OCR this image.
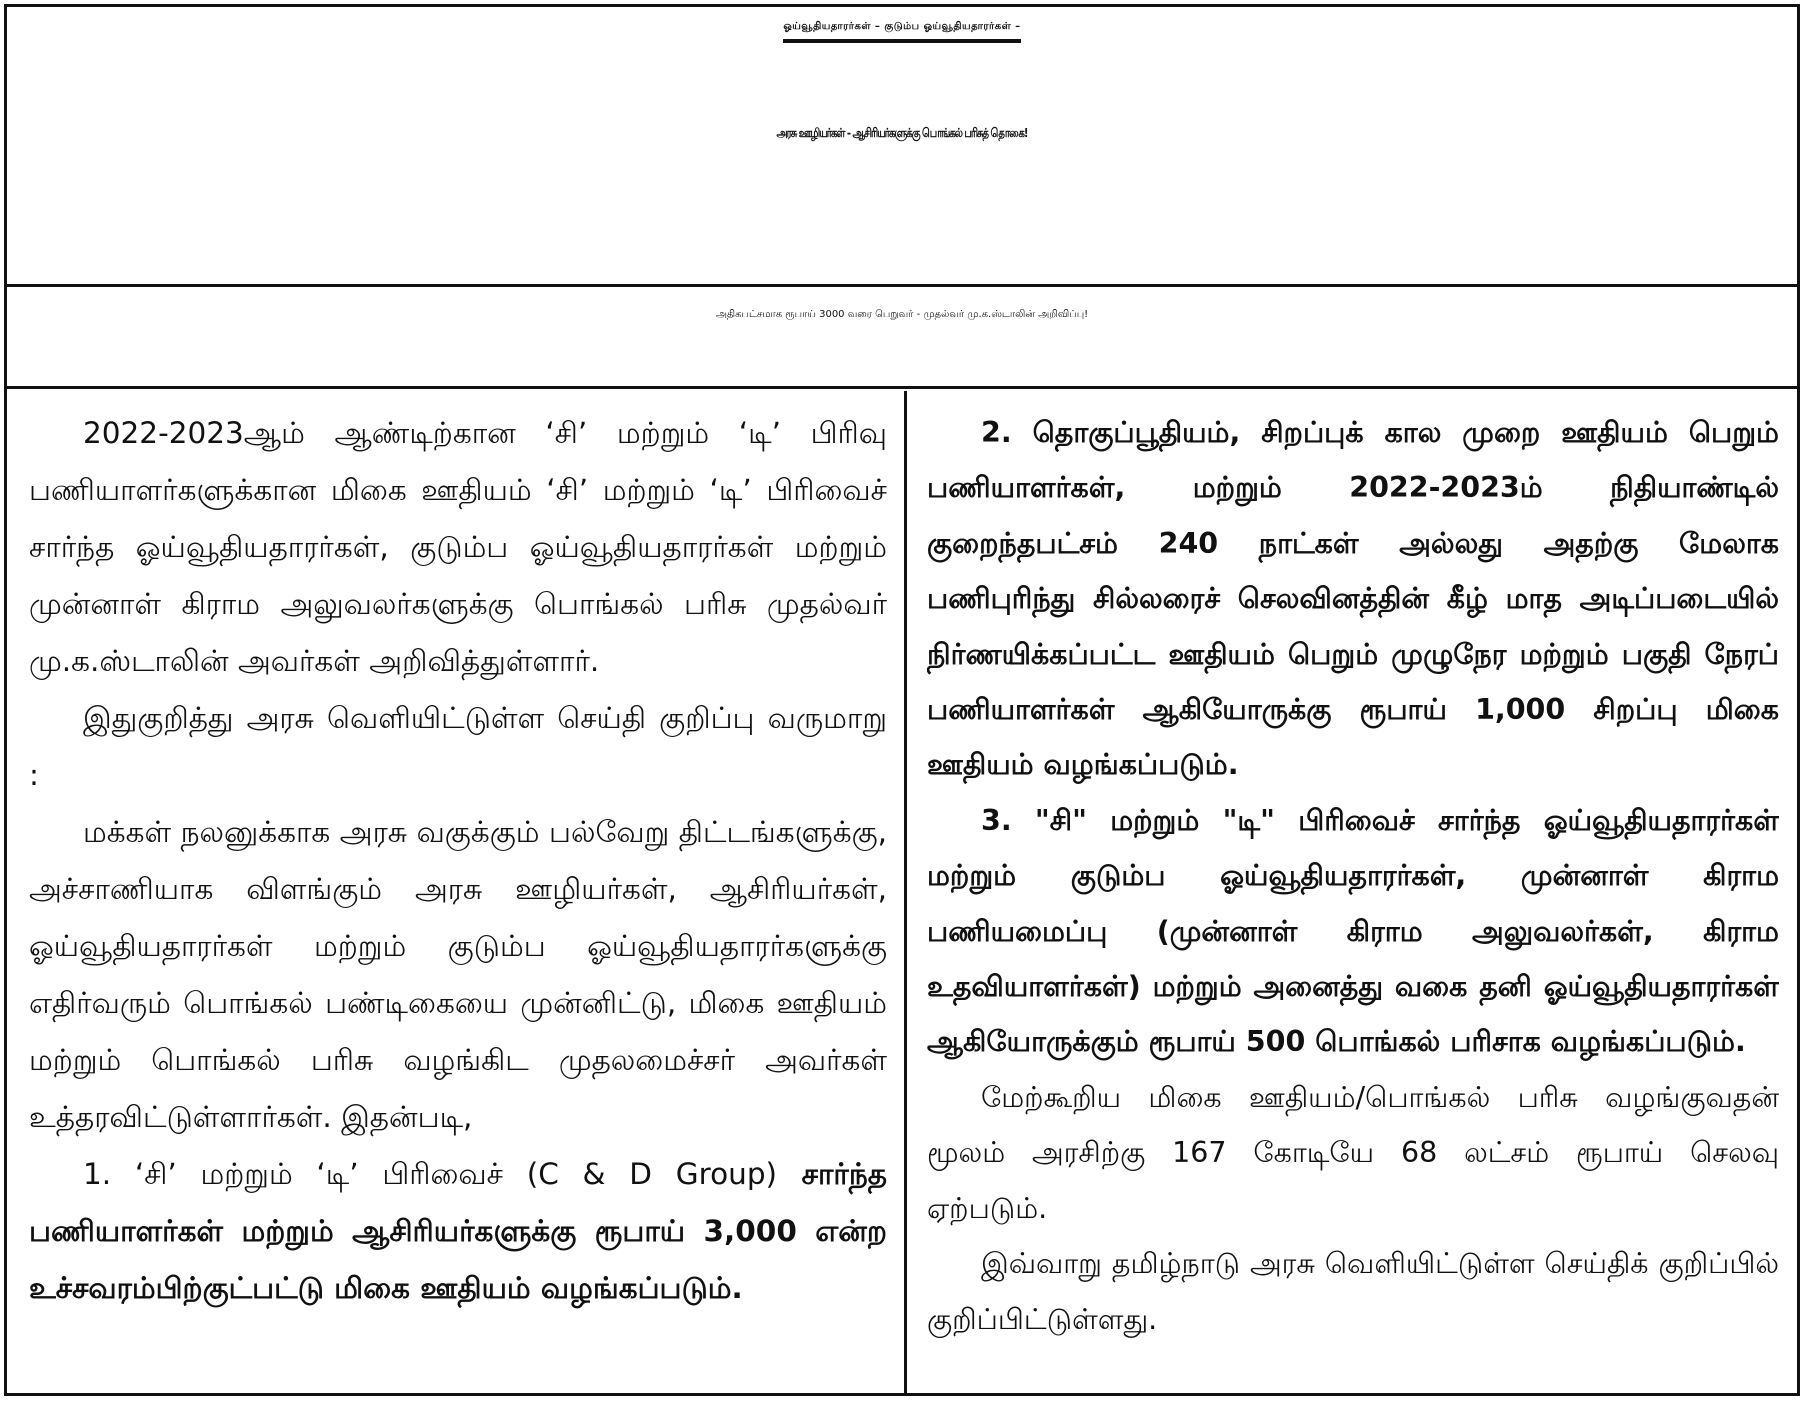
ஓய்வூதியதாரர்கள் – குடும்ப ஓய்வூதியதாரர்கள் –
அரசு ஊழியர்கள் - ஆசிரியர்களுக்கு பொங்கல் பரிசுத் தொகை!
அதிகபட்சமாக ரூபாய் 3000 வரை பெறுவர் - முதல்வர் மு.க.ஸ்டாலின் அறிவிப்பு!

2022-2023ஆம் ஆண்டிற்கான ‘சி’ மற்றும் ‘டி’ பிரிவு பணியாளர்களுக்கான மிகை ஊதியம் ‘சி’ மற்றும் ‘டி’ பிரிவைச் சார்ந்த ஓய்வூதியதாரர்கள், குடும்ப ஓய்வூதியதாரர்கள் மற்றும் முன்னாள் கிராம அலுவலர்களுக்கு பொங்கல் பரிசு முதல்வர் மு.க.ஸ்டாலின் அவர்கள் அறிவித்துள்ளார்.

இதுகுறித்து அரசு வெளியிட்டுள்ள செய்தி குறிப்பு வருமாறு :

மக்கள் நலனுக்காக அரசு வகுக்கும் பல்வேறு திட்டங்களுக்கு, அச்சாணியாக விளங்கும் அரசு ஊழியர்கள், ஆசிரியர்கள், ஓய்வூதியதாரர்கள் மற்றும் குடும்ப ஓய்வூதியதாரர்களுக்கு எதிர்வரும் பொங்கல் பண்டிகையை முன்னிட்டு, மிகை ஊதியம் மற்றும் பொங்கல் பரிசு வழங்கிட முதலமைச்சர் அவர்கள் உத்தரவிட்டுள்ளார்கள். இதன்படி,

1. ‘சி’ மற்றும் ‘டி’ பிரிவைச் (C & D Group) சார்ந்த பணியாளர்கள் மற்றும் ஆசிரியர்களுக்கு ரூபாய் 3,000 என்ற உச்சவரம்பிற்குட்பட்டு மிகை ஊதியம் வழங்கப்படும்.

2. தொகுப்பூதியம், சிறப்புக் கால முறை ஊதியம் பெறும் பணியாளர்கள், மற்றும் 2022-2023ம் நிதியாண்டில் குறைந்தபட்சம் 240 நாட்கள் அல்லது அதற்கு மேலாக பணிபுரிந்து சில்லரைச் செலவினத்தின் கீழ் மாத அடிப்படையில் நிர்ணயிக்கப்பட்ட ஊதியம் பெறும் முழுநேர மற்றும் பகுதி நேரப் பணியாளர்கள் ஆகியோருக்கு ரூபாய் 1,000 சிறப்பு மிகை ஊதியம் வழங்கப்படும்.

3. "சி" மற்றும் "டி" பிரிவைச் சார்ந்த ஓய்வூதியதாரர்கள் மற்றும் குடும்ப ஓய்வூதியதாரர்கள், முன்னாள் கிராம பணியமைப்பு (முன்னாள் கிராம அலுவலர்கள், கிராம உதவியாளர்கள்) மற்றும் அனைத்து வகை தனி ஓய்வூதியதாரர்கள் ஆகியோருக்கும் ரூபாய் 500 பொங்கல் பரிசாக வழங்கப்படும்.

மேற்கூறிய மிகை ஊதியம்/பொங்கல் பரிசு வழங்குவதன் மூலம் அரசிற்கு 167 கோடியே 68 லட்சம் ரூபாய் செலவு ஏற்படும்.

இவ்வாறு தமிழ்நாடு அரசு வெளியிட்டுள்ள செய்திக் குறிப்பில் குறிப்பிட்டுள்ளது.
